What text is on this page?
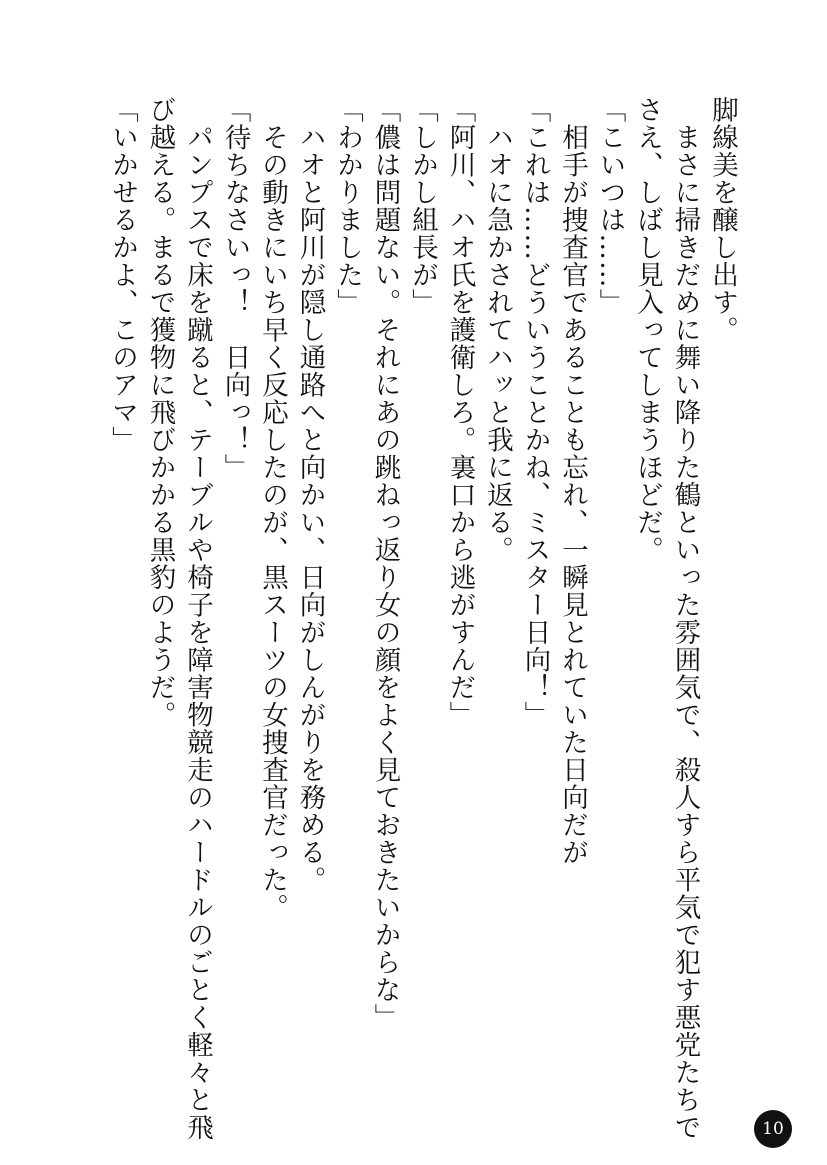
脚線美を醸し出す。
　まさに掃きだめに舞い降りた鶴といった雰囲気で、殺人すら平気で犯す悪党たちで
さえ、しばし見入ってしまうほどだ。
「こいつは……」
　相手が捜査官であることも忘れ、一瞬見とれていた日向だが
「これは……どういうことかね、ミスター日向！」
　ハオに急かされてハッと我に返る。
「阿川、ハオ氏を護衛しろ。裏口から逃がすんだ」
「しかし組長が」
「儂は問題ない。それにあの跳ねっ返り女の顔をよく見ておきたいからな」
「わかりました」
　ハオと阿川が隠し通路へと向かい、日向がしんがりを務める。
　その動きにいち早く反応したのが、黒スーツの女捜査官だった。
「待ちなさいっ！　日向っ！」
　パンプスで床を蹴ると、テーブルや椅子を障害物競走のハードルのごとく軽々と飛
び越える。まるで獲物に飛びかかる黒豹のようだ。
「いかせるかよ、このアマ」
10
